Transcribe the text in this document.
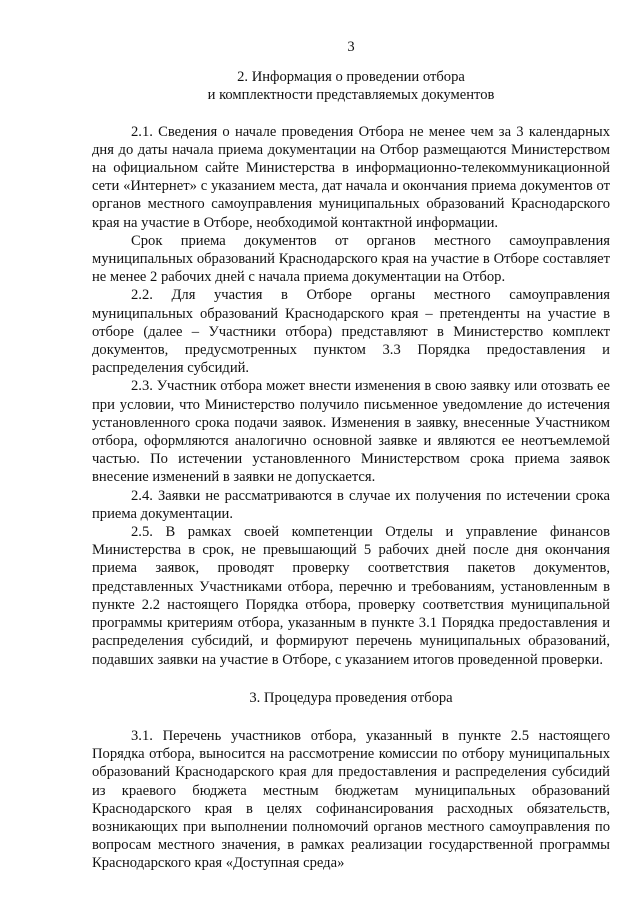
3

2. Информация о проведении отбора

и комплектности представляемых документов

2.1. Сведения о начале проведения Отбора не менее чем за 3 календарных дня до даты начала приема документации на Отбор размещаются Министерством на официальном сайте Министерства в информационно-телекоммуникационной сети «Интернет» с указанием места, дат начала и окончания приема документов от органов местного самоуправления муниципальных образований Краснодарского края на участие в Отборе, необходимой контактной информации.

Срок приема документов от органов местного самоуправления муниципальных образований Краснодарского края на участие в Отборе составляет не менее 2 рабочих дней с начала приема документации на Отбор.

2.2. Для участия в Отборе органы местного самоуправления муниципальных образований Краснодарского края – претенденты на участие в отборе (далее – Участники отбора) представляют в Министерство комплект документов, предусмотренных пунктом 3.3 Порядка предоставления и распределения субсидий.

2.3. Участник отбора может внести изменения в свою заявку или отозвать ее при условии, что Министерство получило письменное уведомление до истечения установленного срока подачи заявок. Изменения в заявку, внесенные Участником отбора, оформляются аналогично основной заявке и являются ее неотъемлемой частью. По истечении установленного Министерством срока приема заявок внесение изменений в заявки не допускается.

2.4. Заявки не рассматриваются в случае их получения по истечении срока приема документации.

2.5. В рамках своей компетенции Отделы и управление финансов Министерства в срок, не превышающий 5 рабочих дней после дня окончания приема заявок, проводят проверку соответствия пакетов документов, представленных Участниками отбора, перечню и требованиям, установленным в пункте 2.2 настоящего Порядка отбора, проверку соответствия муниципальной программы критериям отбора, указанным в пункте 3.1 Порядка предоставления и распределения субсидий, и формируют перечень муниципальных образований, подавших заявки на участие в Отборе, с указанием итогов проведенной проверки.

3. Процедура проведения отбора

3.1. Перечень участников отбора, указанный в пункте 2.5 настоящего Порядка отбора, выносится на рассмотрение комиссии по отбору муниципальных образований Краснодарского края для предоставления и распределения субсидий из краевого бюджета местным бюджетам муниципальных образований Краснодарского края в целях софинансирования расходных обязательств, возникающих при выполнении полномочий органов местного самоуправления по вопросам местного значения, в рамках реализации государственной программы Краснодарского края «Доступная среда»
